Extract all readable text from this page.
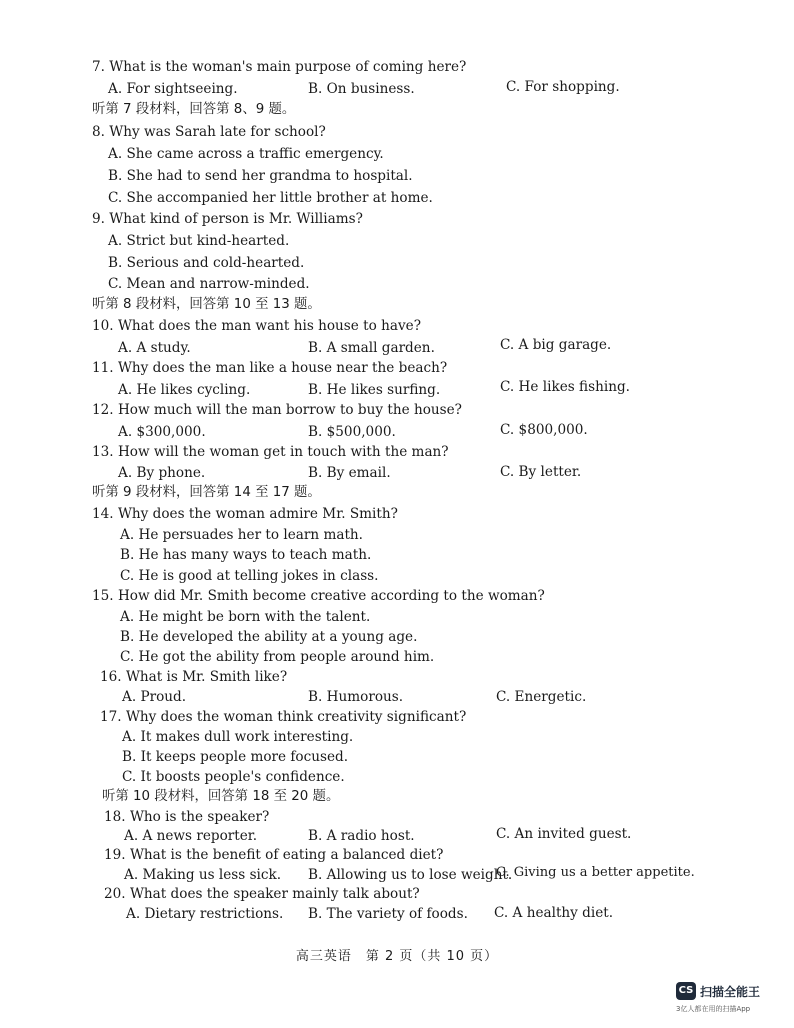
7. What is the woman's main purpose of coming here?
A. For sightseeing.	B. On business.	C. For shopping.
听第 7 段材料，回答第 8、9 题。
8. Why was Sarah late for school?
A. She came across a traffic emergency.
B. She had to send her grandma to hospital.
C. She accompanied her little brother at home.
9. What kind of person is Mr. Williams?
A. Strict but kind-hearted.
B. Serious and cold-hearted.
C. Mean and narrow-minded.
听第 8 段材料，回答第 10 至 13 题。
10. What does the man want his house to have?
A. A study.	B. A small garden.	C. A big garage.
11. Why does the man like a house near the beach?
A. He likes cycling.	B. He likes surfing.	C. He likes fishing.
12. How much will the man borrow to buy the house?
A. $300,000.	B. $500,000.	C. $800,000.
13. How will the woman get in touch with the man?
A. By phone.	B. By email.	C. By letter.
听第 9 段材料，回答第 14 至 17 题。
14. Why does the woman admire Mr. Smith?
A. He persuades her to learn math.
B. He has many ways to teach math.
C. He is good at telling jokes in class.
15. How did Mr. Smith become creative according to the woman?
A. He might be born with the talent.
B. He developed the ability at a young age.
C. He got the ability from people around him.
16. What is Mr. Smith like?
A. Proud.	B. Humorous.	C. Energetic.
17. Why does the woman think creativity significant?
A. It makes dull work interesting.
B. It keeps people more focused.
C. It boosts people's confidence.
听第 10 段材料，回答第 18 至 20 题。
18. Who is the speaker?
A. A news reporter.	B. A radio host.	C. An invited guest.
19. What is the benefit of eating a balanced diet?
A. Making us less sick. B. Allowing us to lose weight.
C. Giving us a better appetite.
20. What does the speaker mainly talk about?
A. Dietary restrictions. B. The variety of foods. C. A healthy diet.
高三英语　第 2 页（共 10 页）
CS 扫描全能王
3亿人都在用的扫描App
